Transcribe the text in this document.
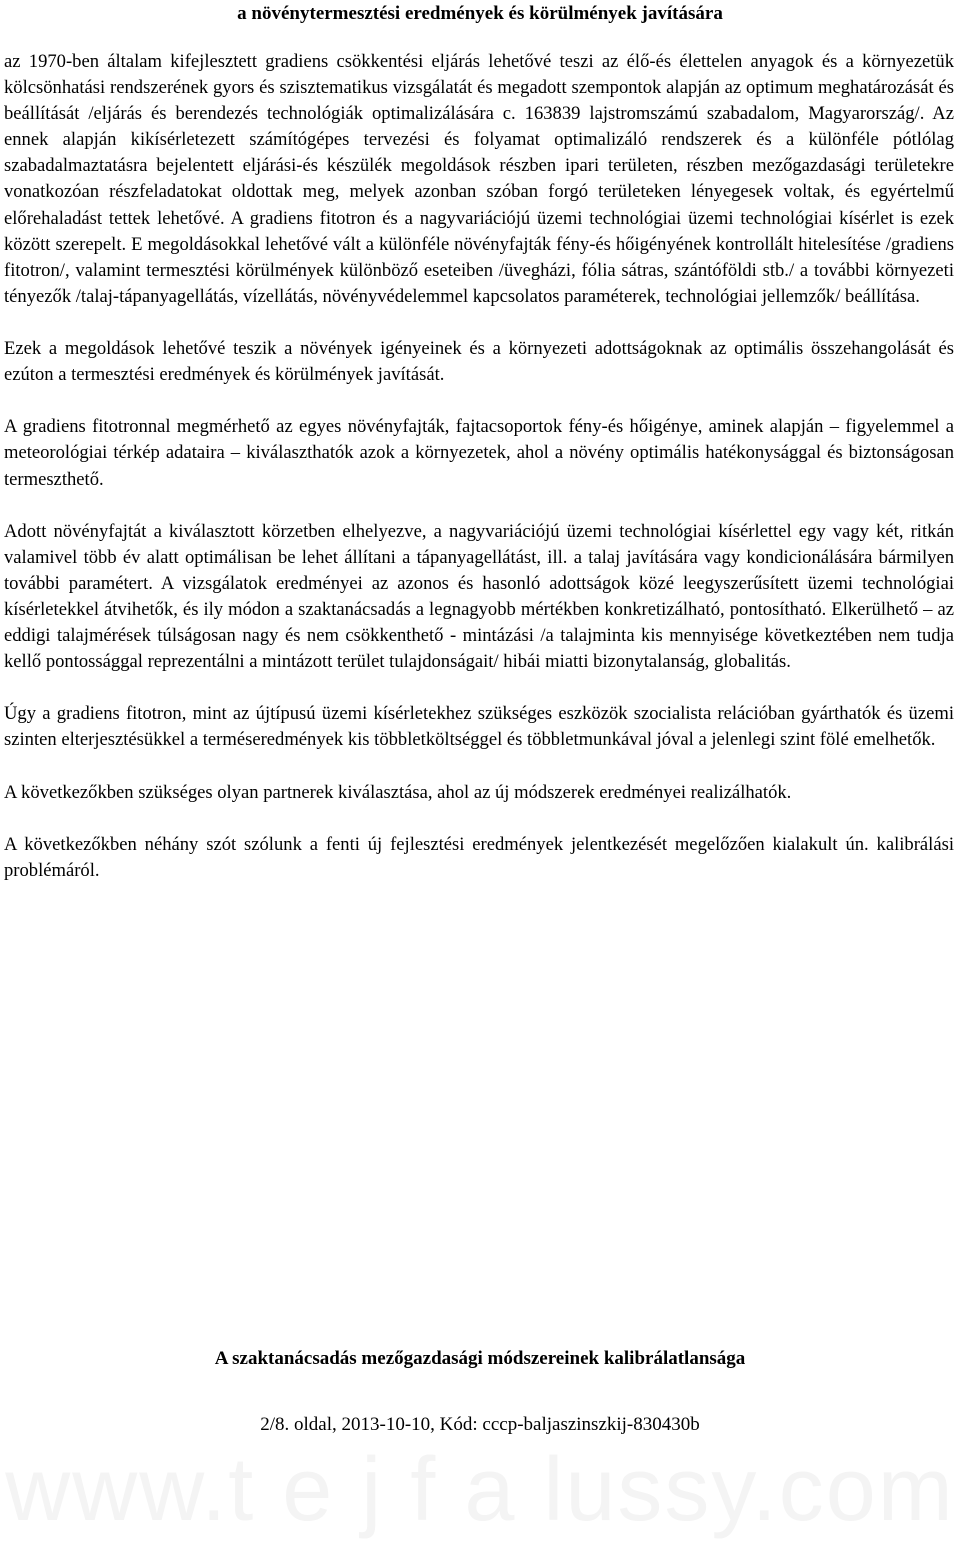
a növénytermesztési eredmények és körülmények javítására

az 1970-ben általam kifejlesztett gradiens csökkentési eljárás lehetővé teszi az élő-és élettelen anyagok és a környezetük kölcsönhatási rendszerének gyors és szisztematikus vizsgálatát és megadott szempontok alapján az optimum meghatározását és beállítását /eljárás és berendezés technológiák optimalizálására c. 163839 lajstromszámú szabadalom, Magyarország/. Az ennek alapján kikísérletezett számítógépes tervezési és folyamat optimalizáló rendszerek és a különféle pótlólag szabadalmaztatásra bejelentett eljárási-és készülék megoldások részben ipari területen, részben mezőgazdasági területekre vonatkozóan részfeladatokat oldottak meg, melyek azonban szóban forgó területeken lényegesek voltak, és egyértelmű előrehaladást tettek lehetővé. A gradiens fitotron és a nagyvariációjú üzemi technológiai üzemi technológiai kísérlet is ezek között szerepelt. E megoldásokkal lehetővé vált a különféle növényfajták fény-és hőigényének kontrollált hitelesítése /gradiens fitotron/, valamint termesztési körülmények különböző eseteiben /üvegházi, fólia sátras, szántóföldi stb./ a további környezeti tényezők /talaj-tápanyagellátás, vízellátás, növényvédelemmel kapcsolatos paraméterek, technológiai jellemzők/ beállítása.

Ezek a megoldások lehetővé teszik a növények igényeinek és a környezeti adottságoknak az optimális összehangolását és ezúton a termesztési eredmények és körülmények javítását.

A gradiens fitotronnal megmérhető az egyes növényfajták, fajtacsoportok fény-és hőigénye, aminek alapján – figyelemmel a meteorológiai térkép adataira – kiválaszthatók azok a környezetek, ahol a növény optimális hatékonysággal és biztonságosan termeszthető.

Adott növényfajtát a kiválasztott körzetben elhelyezve, a nagyvariációjú üzemi technológiai kísérlettel egy vagy két, ritkán valamivel több év alatt optimálisan be lehet állítani a tápanyagellátást, ill. a talaj javítására vagy kondicionálására bármilyen további paramétert. A vizsgálatok eredményei az azonos és hasonló adottságok közé leegyszerűsített üzemi technológiai kísérletekkel átvihetők, és ily módon a szaktanácsadás a legnagyobb mértékben konkretizálható, pontosítható. Elkerülhető – az eddigi talajmérések túlságosan nagy és nem csökkenthető - mintázási /a talajminta kis mennyisége következtében nem tudja kellő pontossággal reprezentálni a mintázott terület tulajdonságait/ hibái miatti bizonytalanság, globalitás.

Úgy a gradiens fitotron, mint az újtípusú üzemi kísérletekhez szükséges eszközök szocialista relációban gyárthatók és üzemi szinten elterjesztésükkel a terméseredmények kis többletköltséggel és többletmunkával jóval a jelenlegi szint fölé emelhetők.

A következőkben szükséges olyan partnerek kiválasztása, ahol az új módszerek eredményei realizálhatók.

A következőkben néhány szót szólunk a fenti új fejlesztési eredmények jelentkezését megelőzően kialakult ún. kalibrálási problémáról.

A szaktanácsadás mezőgazdasági módszereinek kalibrálatlansága
2/8. oldal, 2013-10-10, Kód: cccp-baljaszinszkij-830430b
www.t e j f a lussy.com
